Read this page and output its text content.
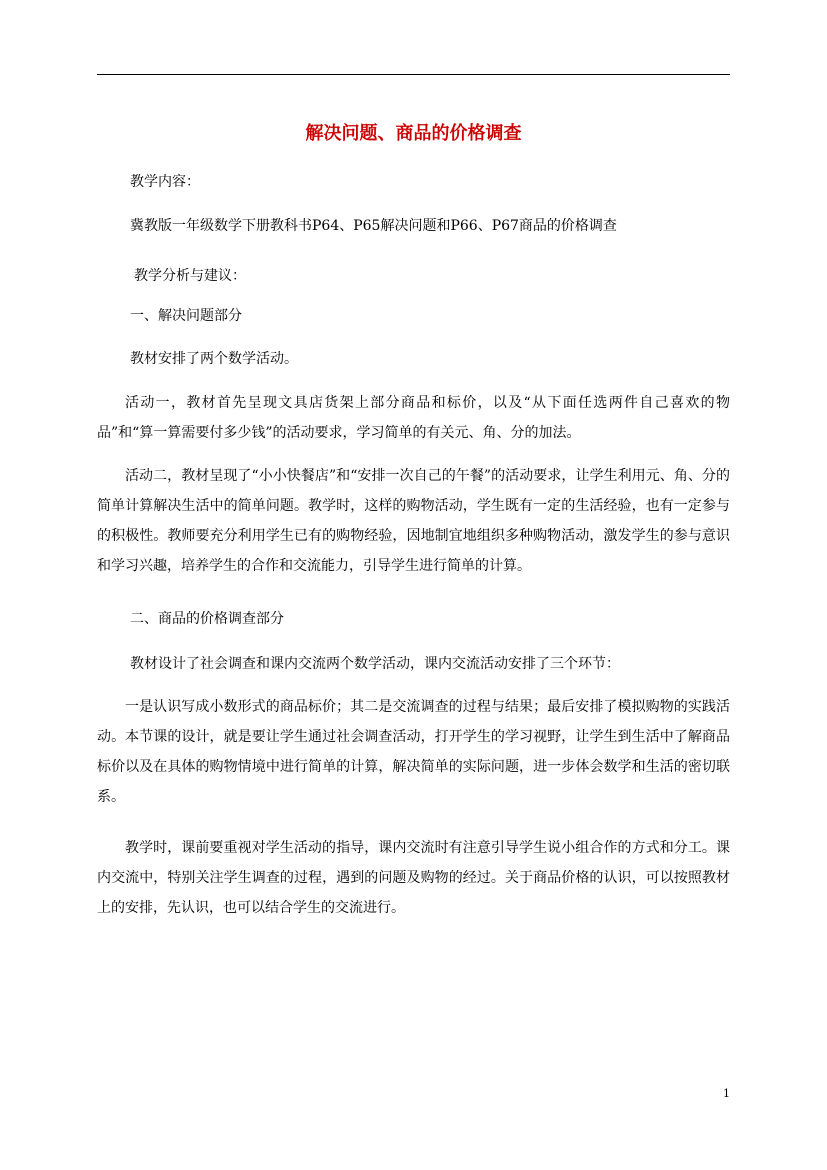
解决问题、商品的价格调查
教学内容：
冀教版一年级数学下册教科书P64、P65解决问题和P66、P67商品的价格调查
教学分析与建议：
一、解决问题部分
教材安排了两个数学活动。
活动一，教材首先呈现文具店货架上部分商品和标价，以及“从下面任选两件自己喜欢的物品”和“算一算需要付多少钱”的活动要求，学习简单的有关元、角、分的加法。
活动二，教材呈现了“小小快餐店”和“安排一次自己的午餐”的活动要求，让学生利用元、角、分的简单计算解决生活中的简单问题。教学时，这样的购物活动，学生既有一定的生活经验，也有一定参与的积极性。教师要充分利用学生已有的购物经验，因地制宜地组织多种购物活动，激发学生的参与意识和学习兴趣，培养学生的合作和交流能力，引导学生进行简单的计算。
二、商品的价格调查部分
教材设计了社会调查和课内交流两个数学活动，课内交流活动安排了三个环节：
一是认识写成小数形式的商品标价；其二是交流调查的过程与结果；最后安排了模拟购物的实践活动。本节课的设计，就是要让学生通过社会调查活动，打开学生的学习视野，让学生到生活中了解商品标价以及在具体的购物情境中进行简单的计算，解决简单的实际问题，进一步体会数学和生活的密切联系。
教学时，课前要重视对学生活动的指导，课内交流时有注意引导学生说小组合作的方式和分工。课内交流中，特别关注学生调查的过程，遇到的问题及购物的经过。关于商品价格的认识，可以按照教材上的安排，先认识，也可以结合学生的交流进行。
1
